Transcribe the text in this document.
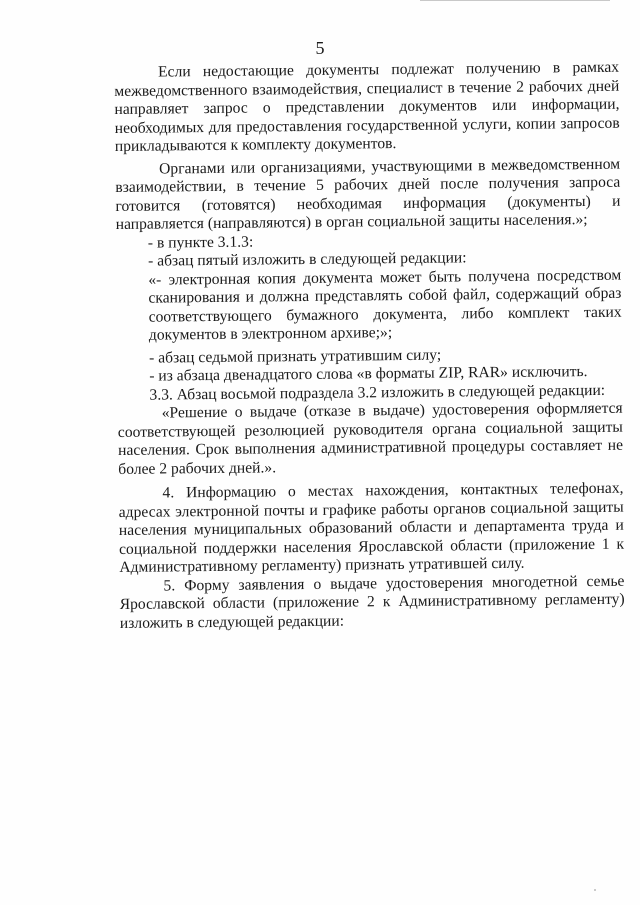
5

Если недостающие документы подлежат получению в рамках межведомственного взаимодействия, специалист в течение 2 рабочих дней направляет запрос о представлении документов или информации, необходимых для предоставления государственной услуги, копии запросов прикладываются к комплекту документов.

Органами или организациями, участвующими в межведомственном взаимодействии, в течение 5 рабочих дней после получения запроса готовится (готовятся) необходимая информация (документы) и направляется (направляются) в орган социальной защиты населения.»;

- в пункте 3.1.3:

- абзац пятый изложить в следующей редакции:

«- электронная копия документа может быть получена посредством сканирования и должна представлять собой файл, содержащий образ соответствующего бумажного документа, либо комплект таких документов в электронном архиве;»;

- абзац седьмой признать утратившим силу;

- из абзаца двенадцатого слова «в форматы ZIP, RAR» исключить.

3.3. Абзац восьмой подраздела 3.2 изложить в следующей редакции:

«Решение о выдаче (отказе в выдаче) удостоверения оформляется соответствующей резолюцией руководителя органа социальной защиты населения. Срок выполнения административной процедуры составляет не более 2 рабочих дней.».

4. Информацию о местах нахождения, контактных телефонах, адресах электронной почты и графике работы органов социальной защиты населения муниципальных образований области и департамента труда и социальной поддержки населения Ярославской области (приложение 1 к Административному регламенту) признать утратившей силу.

5. Форму заявления о выдаче удостоверения многодетной семье Ярославской области (приложение 2 к Административному регламенту) изложить в следующей редакции:
